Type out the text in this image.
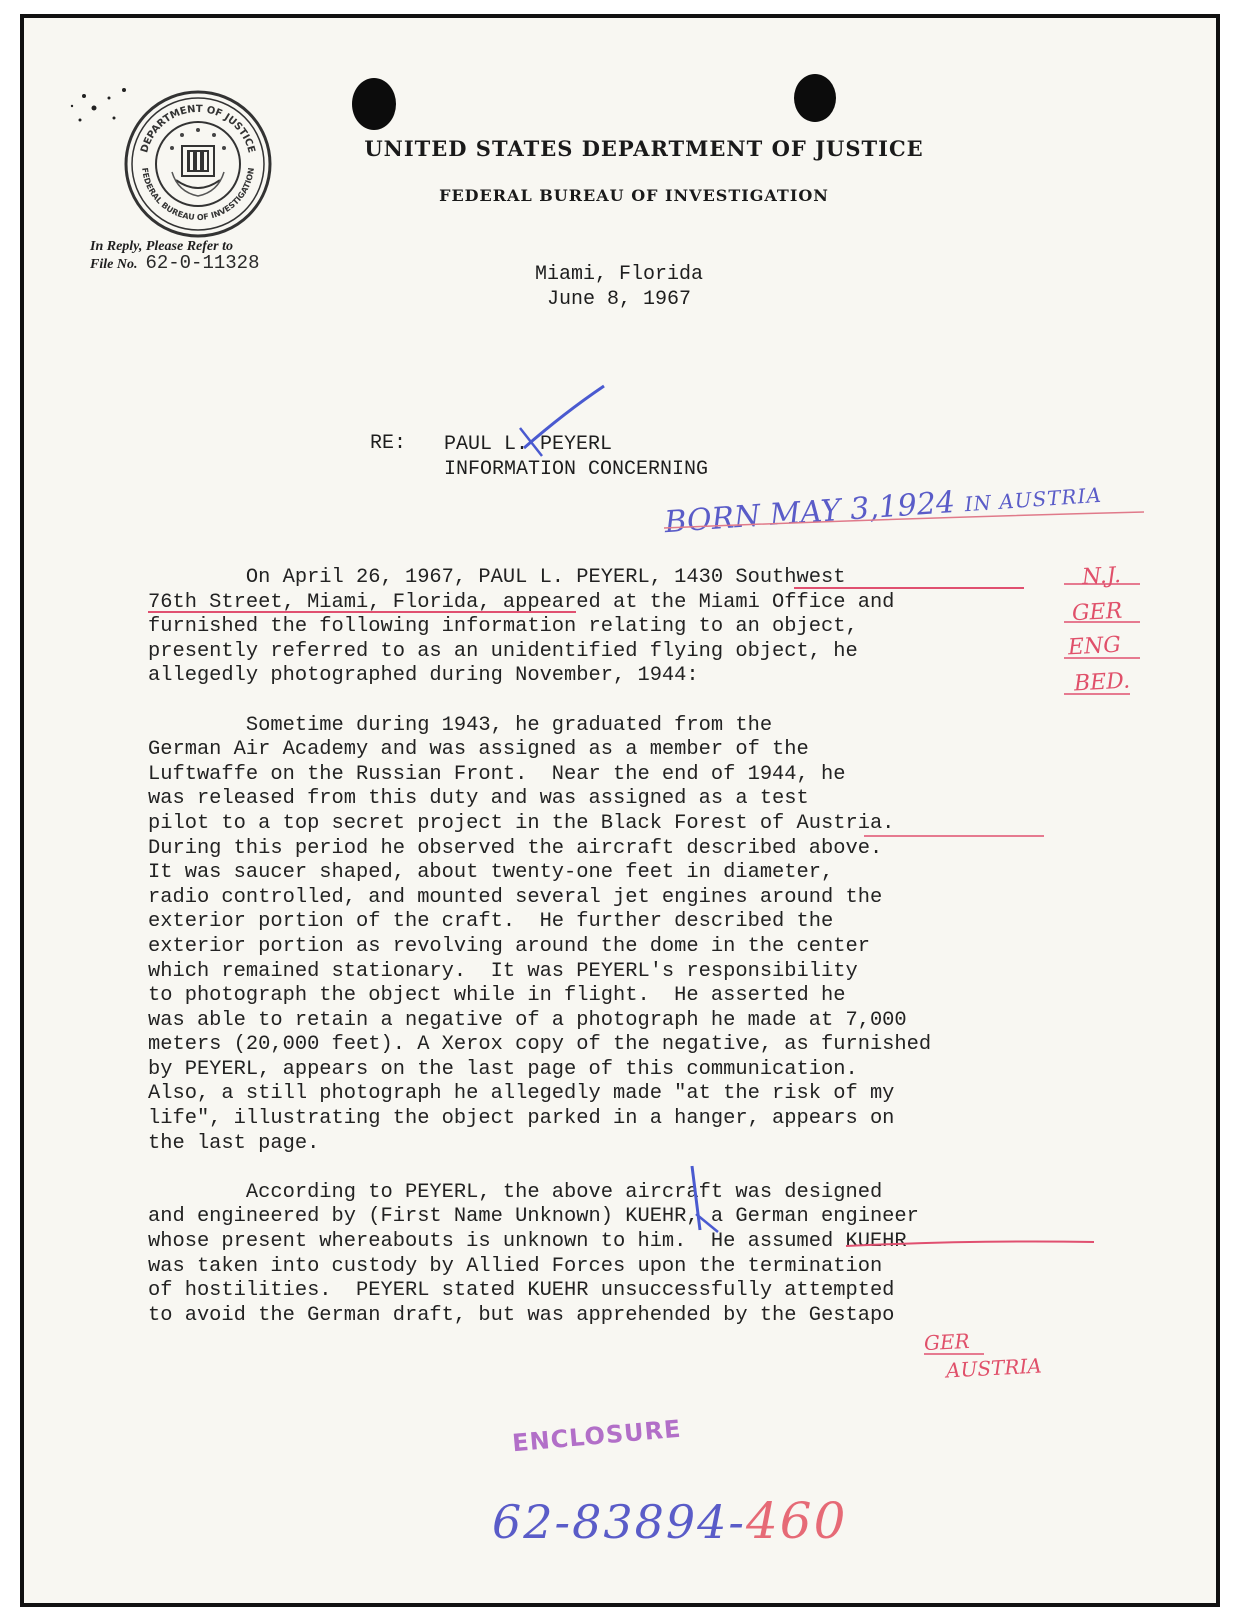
DEPARTMENT OF JUSTICE
FEDERAL BUREAU OF INVESTIGATION
UNITED STATES DEPARTMENT OF JUSTICE
FEDERAL BUREAU OF INVESTIGATION
In Reply, Please Refer to
File No. 62-0-11328	Miami, Florida
June 8, 1967
RE: PAUL L. PEYERL
INFORMATION CONCERNING
BORN MAY 3,1924 IN AUSTRIA
On April 26, 1967, PAUL L. PEYERL, 1430 Southwest
76th Street, Miami, Florida, appeared at the Miami Office and
furnished the following information relating to an object,
presently referred to as an unidentified flying object, he
allegedly photographed during November, 1944:

Sometime during 1943, he graduated from the
German Air Academy and was assigned as a member of the
Luftwaffe on the Russian Front.  Near the end of 1944, he
was released from this duty and was assigned as a test
pilot to a top secret project in the Black Forest of Austria.
During this period he observed the aircraft described above.
It was saucer shaped, about twenty-one feet in diameter,
radio controlled, and mounted several jet engines around the
exterior portion of the craft.  He further described the
exterior portion as revolving around the dome in the center
which remained stationary.  It was PEYERL's responsibility
to photograph the object while in flight.  He asserted he
was able to retain a negative of a photograph he made at 7,000
meters (20,000 feet). A Xerox copy of the negative, as furnished
by PEYERL, appears on the last page of this communication.
Also, a still photograph he allegedly made "at the risk of my
life", illustrating the object parked in a hanger, appears on
the last page.

According to PEYERL, the above aircraft was designed
and engineered by (First Name Unknown) KUEHR, a German engineer
whose present whereabouts is unknown to him.  He assumed KUEHR
was taken into custody by Allied Forces upon the termination
of hostilities.  PEYERL stated KUEHR unsuccessfully attempted
to avoid the German draft, but was apprehended by the Gestapo
N.J.
GER
ENG
BED.
GER
AUSTRIA
ENCLOSURE
62-83894-460
